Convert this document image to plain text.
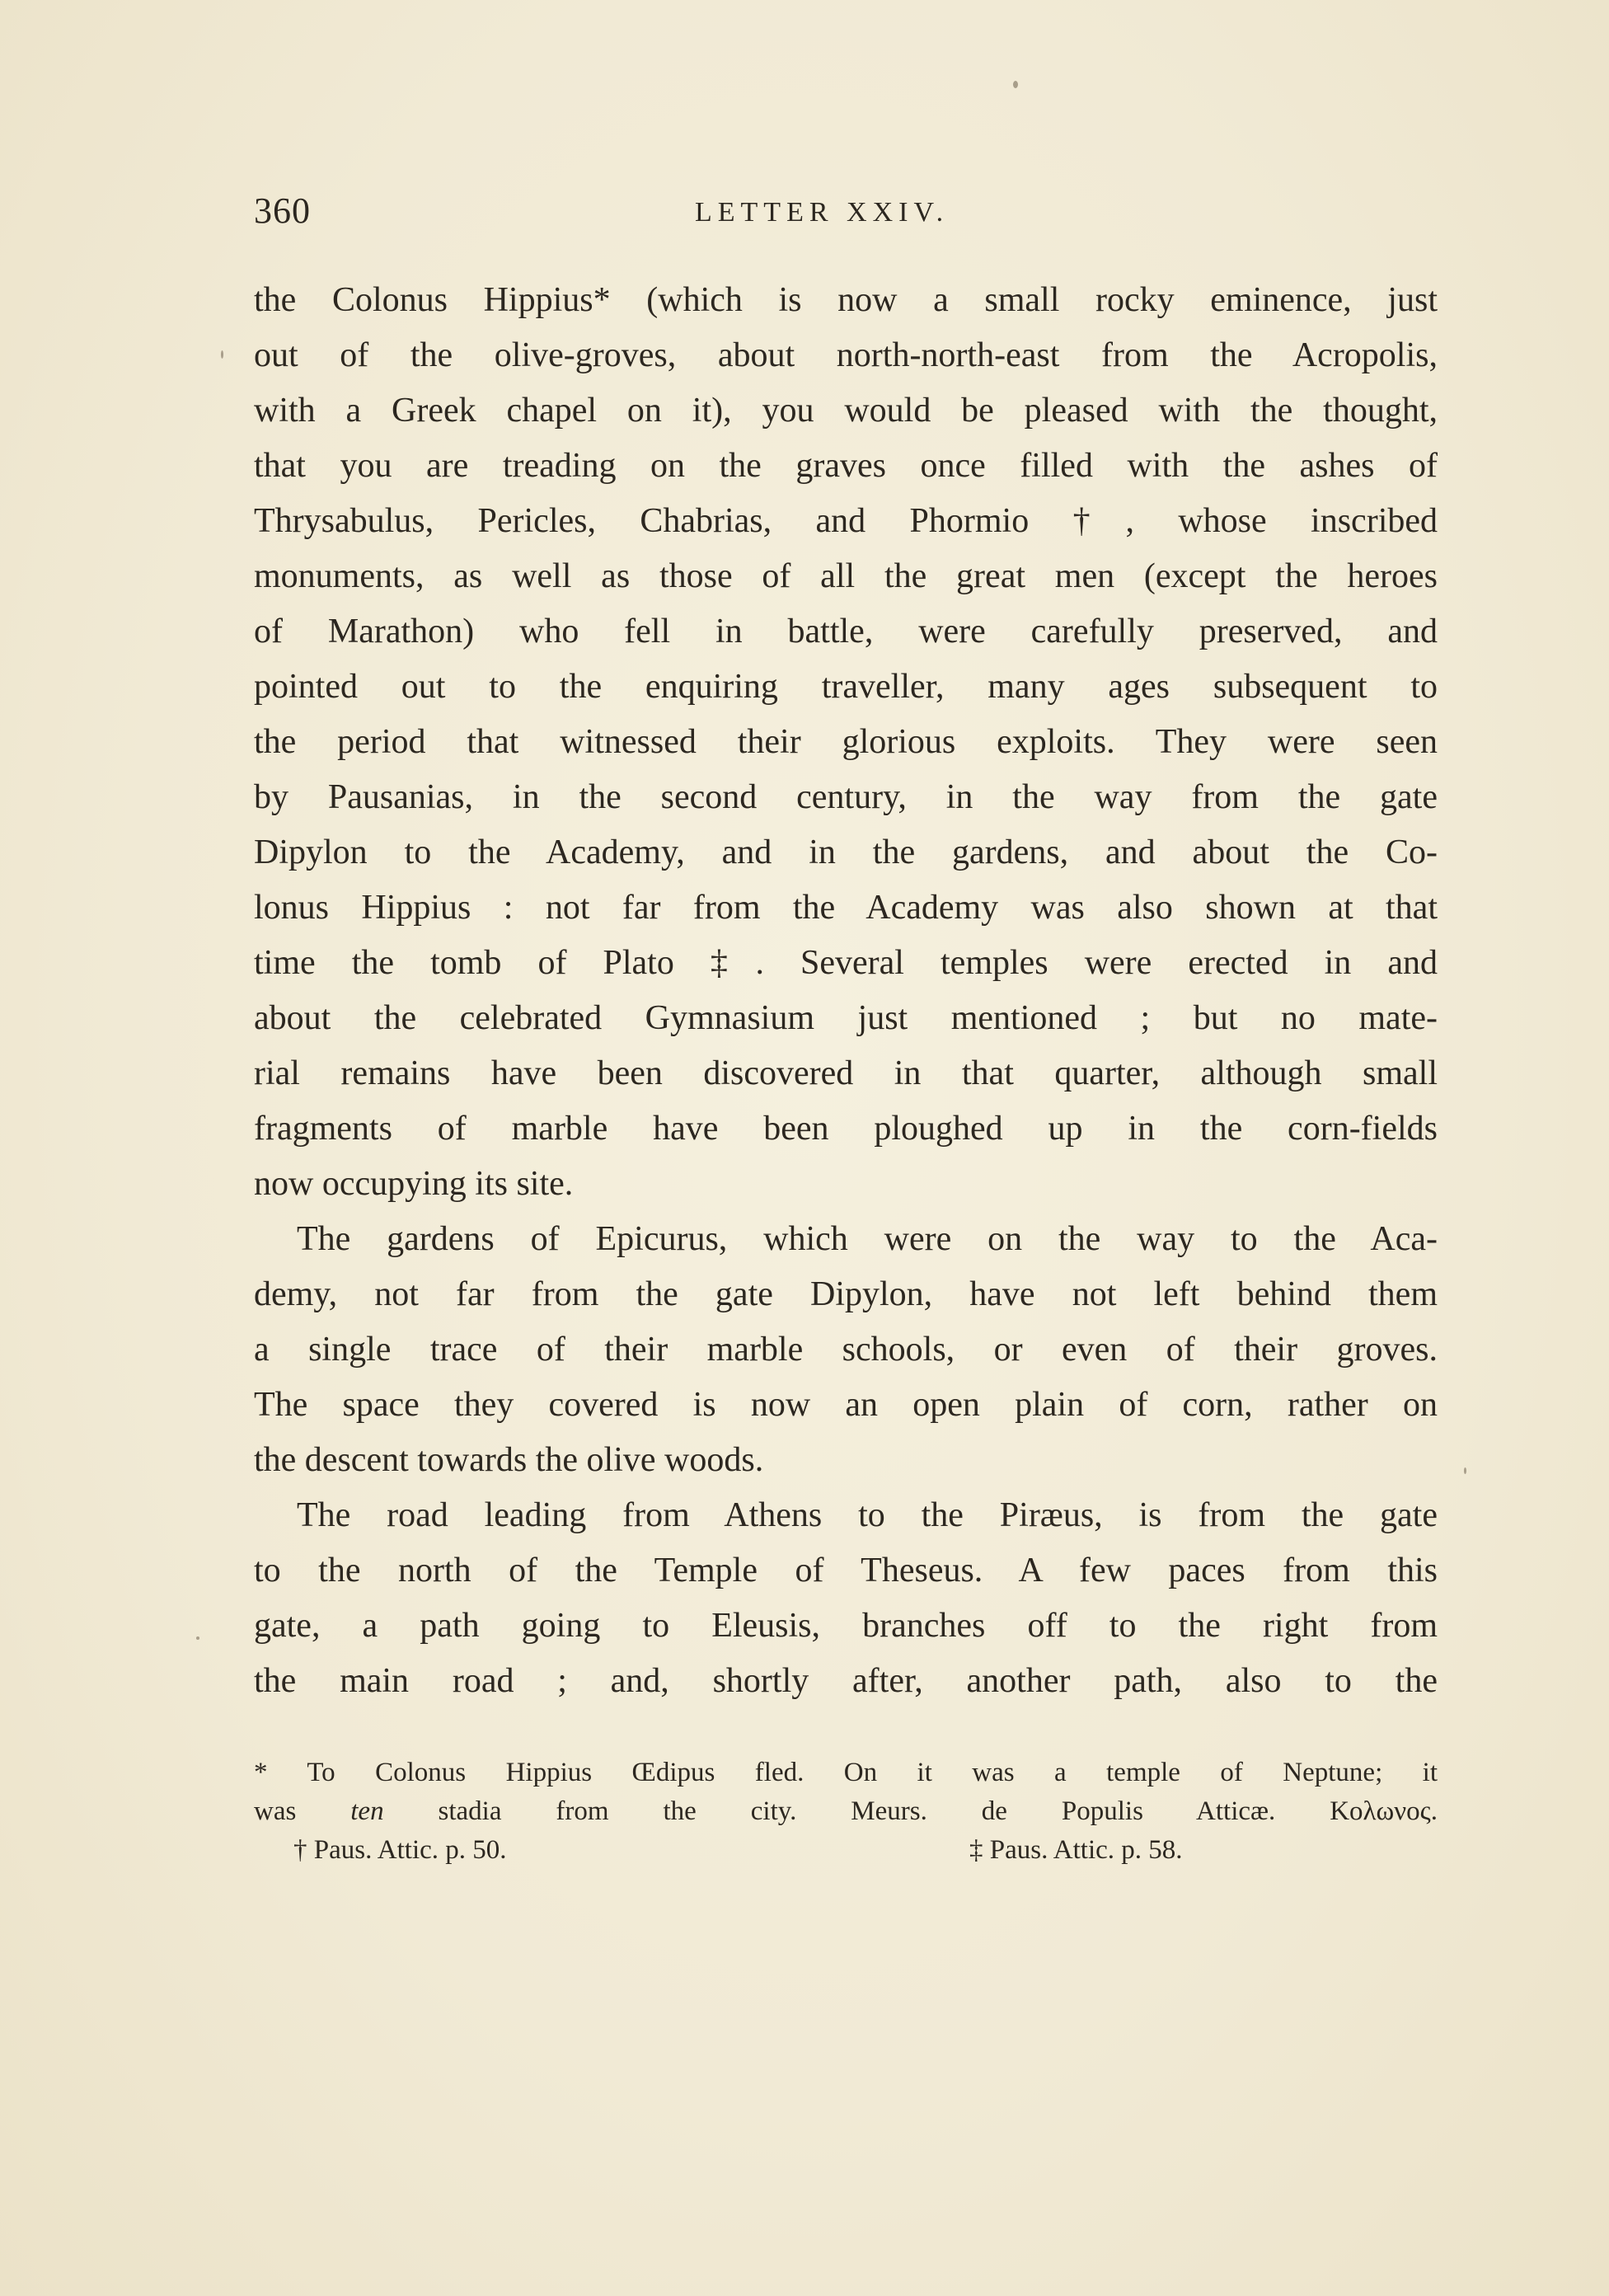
360	LETTER XXIV.
the Colonus Hippius* (which is now a small rocky eminence, just
out of the olive-groves, about north-north-east from the Acropolis,
with a Greek chapel on it), you would be pleased with the thought,
that you are treading on the graves once filled with the ashes of
Thrysabulus, Pericles, Chabrias, and Phormio †, whose inscribed
monuments, as well as those of all the great men (except the heroes
of Marathon) who fell in battle, were carefully preserved, and
pointed out to the enquiring traveller, many ages subsequent to
the period that witnessed their glorious exploits. They were seen
by Pausanias, in the second century, in the way from the gate
Dipylon to the Academy, and in the gardens, and about the Co-
lonus Hippius : not far from the Academy was also shown at that
time the tomb of Plato ‡. Several temples were erected in and
about the celebrated Gymnasium just mentioned ; but no mate-
rial remains have been discovered in that quarter, although small
fragments of marble have been ploughed up in the corn-fields
now occupying its site.
The gardens of Epicurus, which were on the way to the Aca-
demy, not far from the gate Dipylon, have not left behind them
a single trace of their marble schools, or even of their groves.
The space they covered is now an open plain of corn, rather on
the descent towards the olive woods.
The road leading from Athens to the Piræus, is from the gate
to the north of the Temple of Theseus. A few paces from this
gate, a path going to Eleusis, branches off to the right from
the main road ; and, shortly after, another path, also to the
* To Colonus Hippius Œdipus fled. On it was a temple of Neptune; it
was ten stadia from the city. Meurs. de Populis Atticæ. Κολωνος.
† Paus. Attic. p. 50.	‡ Paus. Attic. p. 58.
